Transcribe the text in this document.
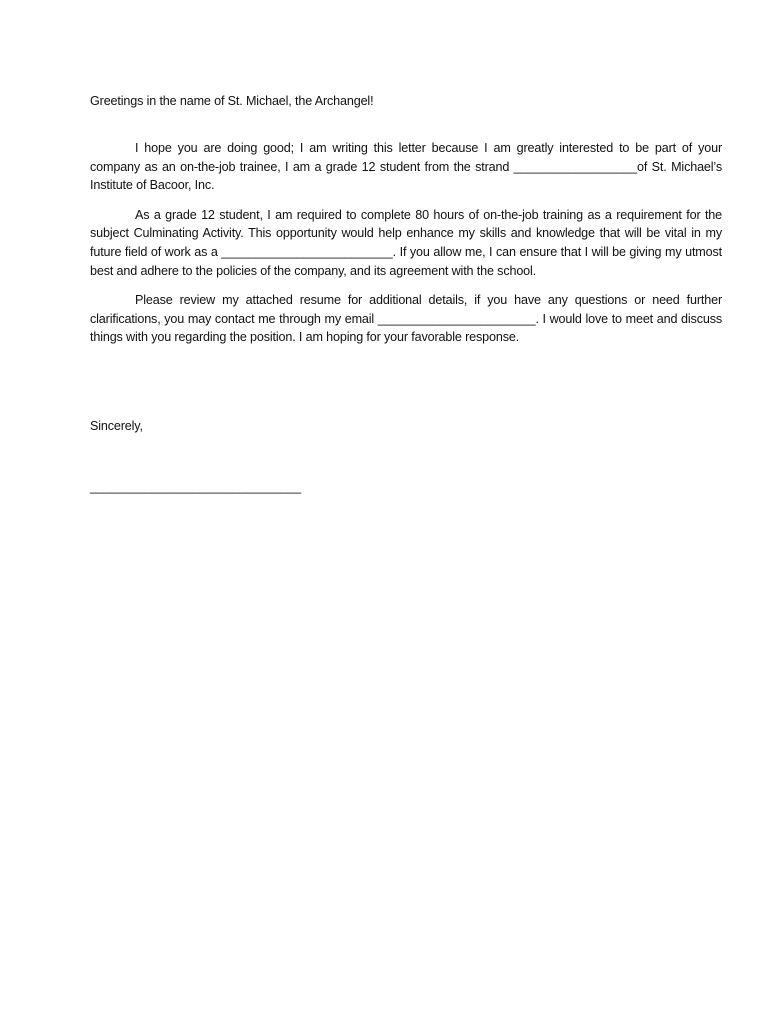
Greetings in the name of St. Michael, the Archangel!

I hope you are doing good; I am writing this letter because I am greatly interested to be part of your company as an on-the-job trainee, I am a grade 12 student from the strand __________________of St. Michael’s Institute of Bacoor, Inc.

As a grade 12 student, I am required to complete 80 hours of on-the-job training as a requirement for the subject Culminating Activity. This opportunity would help enhance my skills and knowledge that will be vital in my future field of work as a _________________________. If you allow me, I can ensure that I will be giving my utmost best and adhere to the policies of the company, and its agreement with the school.

Please review my attached resume for additional details, if you have any questions or need further clarifications, you may contact me through my email _______________________. I would love to meet and discuss things with you regarding the position. I am hoping for your favorable response.

Sincerely,

_______________________________
